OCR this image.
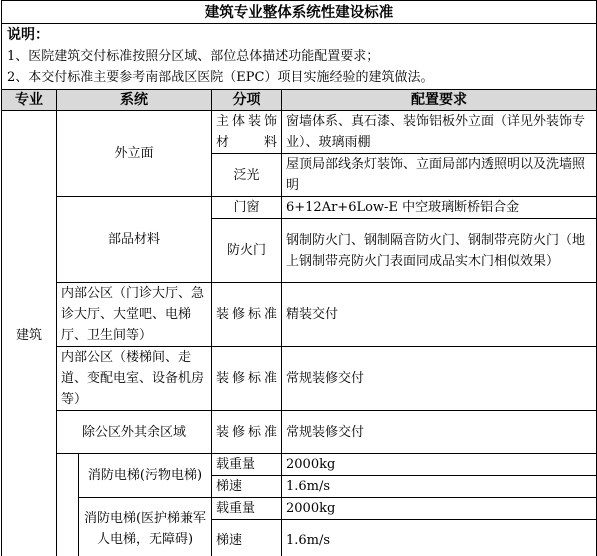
建筑专业整体系统性建设标准				

说明：
1、医院建筑交付标准按照分区域、部位总体描述功能配置要求；
2、本交付标准主要参考南部战区医院（EPC）项目实施经验的建筑做法。				

专业	系统		分项	配置要求
建筑	外立面		主体装饰材料	窗墙体系、真石漆、装饰铝板外立面（详见外装饰专业）、玻璃雨棚
			泛光	屋顶局部线条灯装饰、立面局部内透照明以及洗墙照明
	部品材料		门窗	6+12Ar+6Low-E 中空玻璃断桥铝合金
			防火门	钢制防火门、钢制隔音防火门、钢制带亮防火门（地上钢制带亮防火门表面同成品实木门相似效果）
	内部公区（门诊大厅、急诊大厅、大堂吧、电梯厅、卫生间等）		装修标准	精装交付
	内部公区（楼梯间、走道、变配电室、设备机房等）		装修标准	常规装修交付
	除公区外其余区域		装修标准	常规装修交付
		消防电梯(污物电梯)	载重量	2000kg
			梯速	1.6m/s
		消防电梯(医护梯兼军人电梯，无障碍)	载重量	2000kg
			梯速	1.6m/s
